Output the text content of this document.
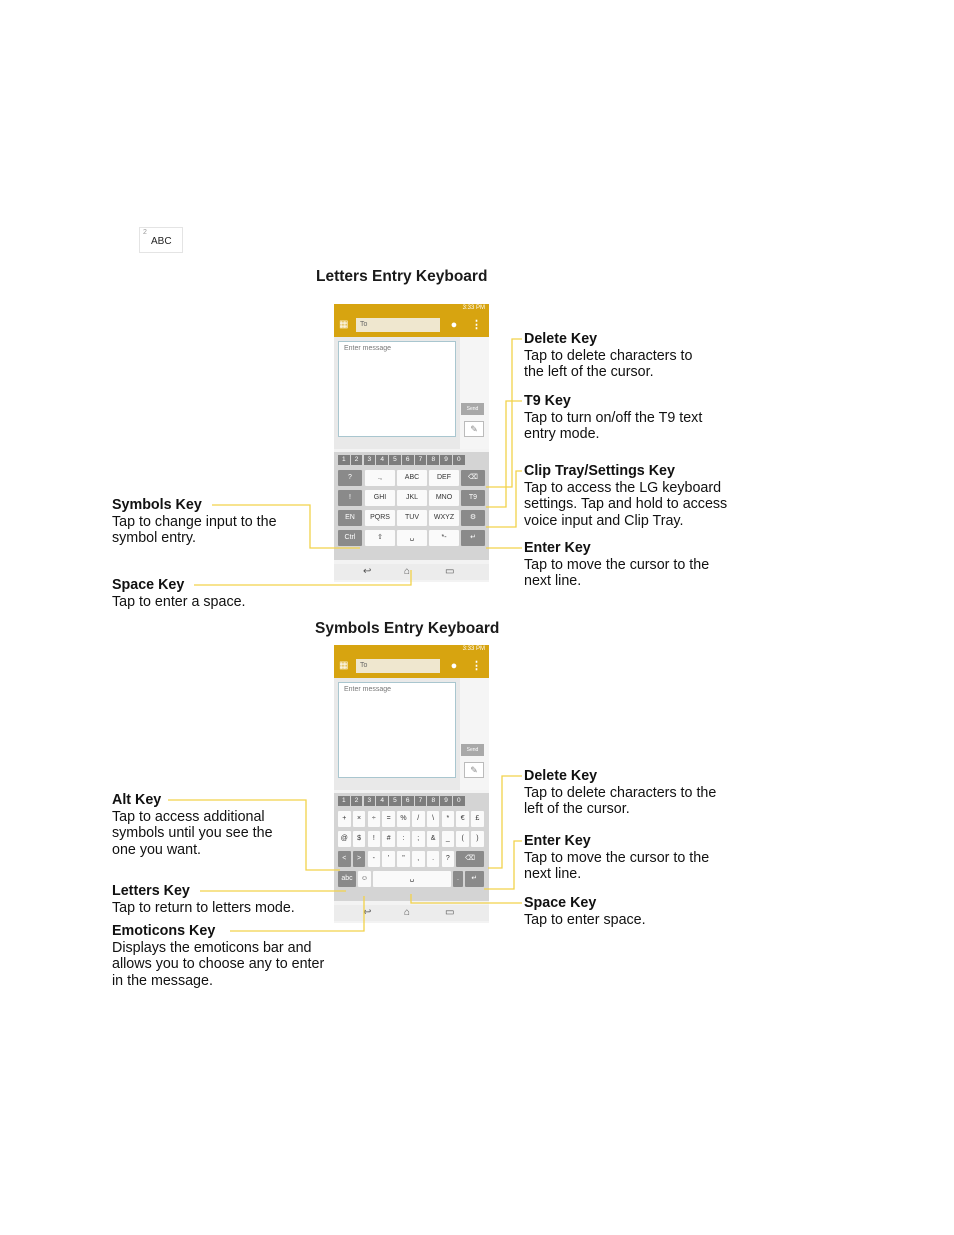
2
ABC
Letters Entry Keyboard
3:33 PM
▦	To	● ⋮
Enter message
Send
✎
1	2	3	4	5	6	7	8	9	0
?	.,	ABC	DEF	⌫
!	GHI	JKL	MNO	T9
EN	PQRS	TUV	WXYZ	⚙
Ctrl	⇧	␣	*-	↵
↩	⌂	▭
Delete Key
Tap to delete characters to
the left of the cursor.
T9 Key
Tap to turn on/off the T9 text
entry mode.
Clip Tray/Settings Key
Tap to access the LG keyboard
settings. Tap and hold to access
voice input and Clip Tray.
Enter Key
Tap to move the cursor to the
next line.
Symbols Key
Tap to change input to the
symbol entry.
Space Key
Tap to enter a space.
Symbols Entry Keyboard
3:33 PM
▦	To	● ⋮
Enter message
Send
✎
1	2	3	4	5	6	7	8	9	0
+	×	÷	=	%	/	\	*	€	£
@	$	!	#	:	;	&	_	(	)
<	>	-	'	"	,	.	?	⌫
abc	☺	␣	.	↵
↩	⌂	▭
Alt Key
Tap to access additional
symbols until you see the
one you want.
Letters Key
Tap to return to letters mode.
Emoticons Key
Displays the emoticons bar and
allows you to choose any to enter
in the message.
Delete Key
Tap to delete characters to the
left of the cursor.
Enter Key
Tap to move the cursor to the
next line.
Space Key
Tap to enter space.
